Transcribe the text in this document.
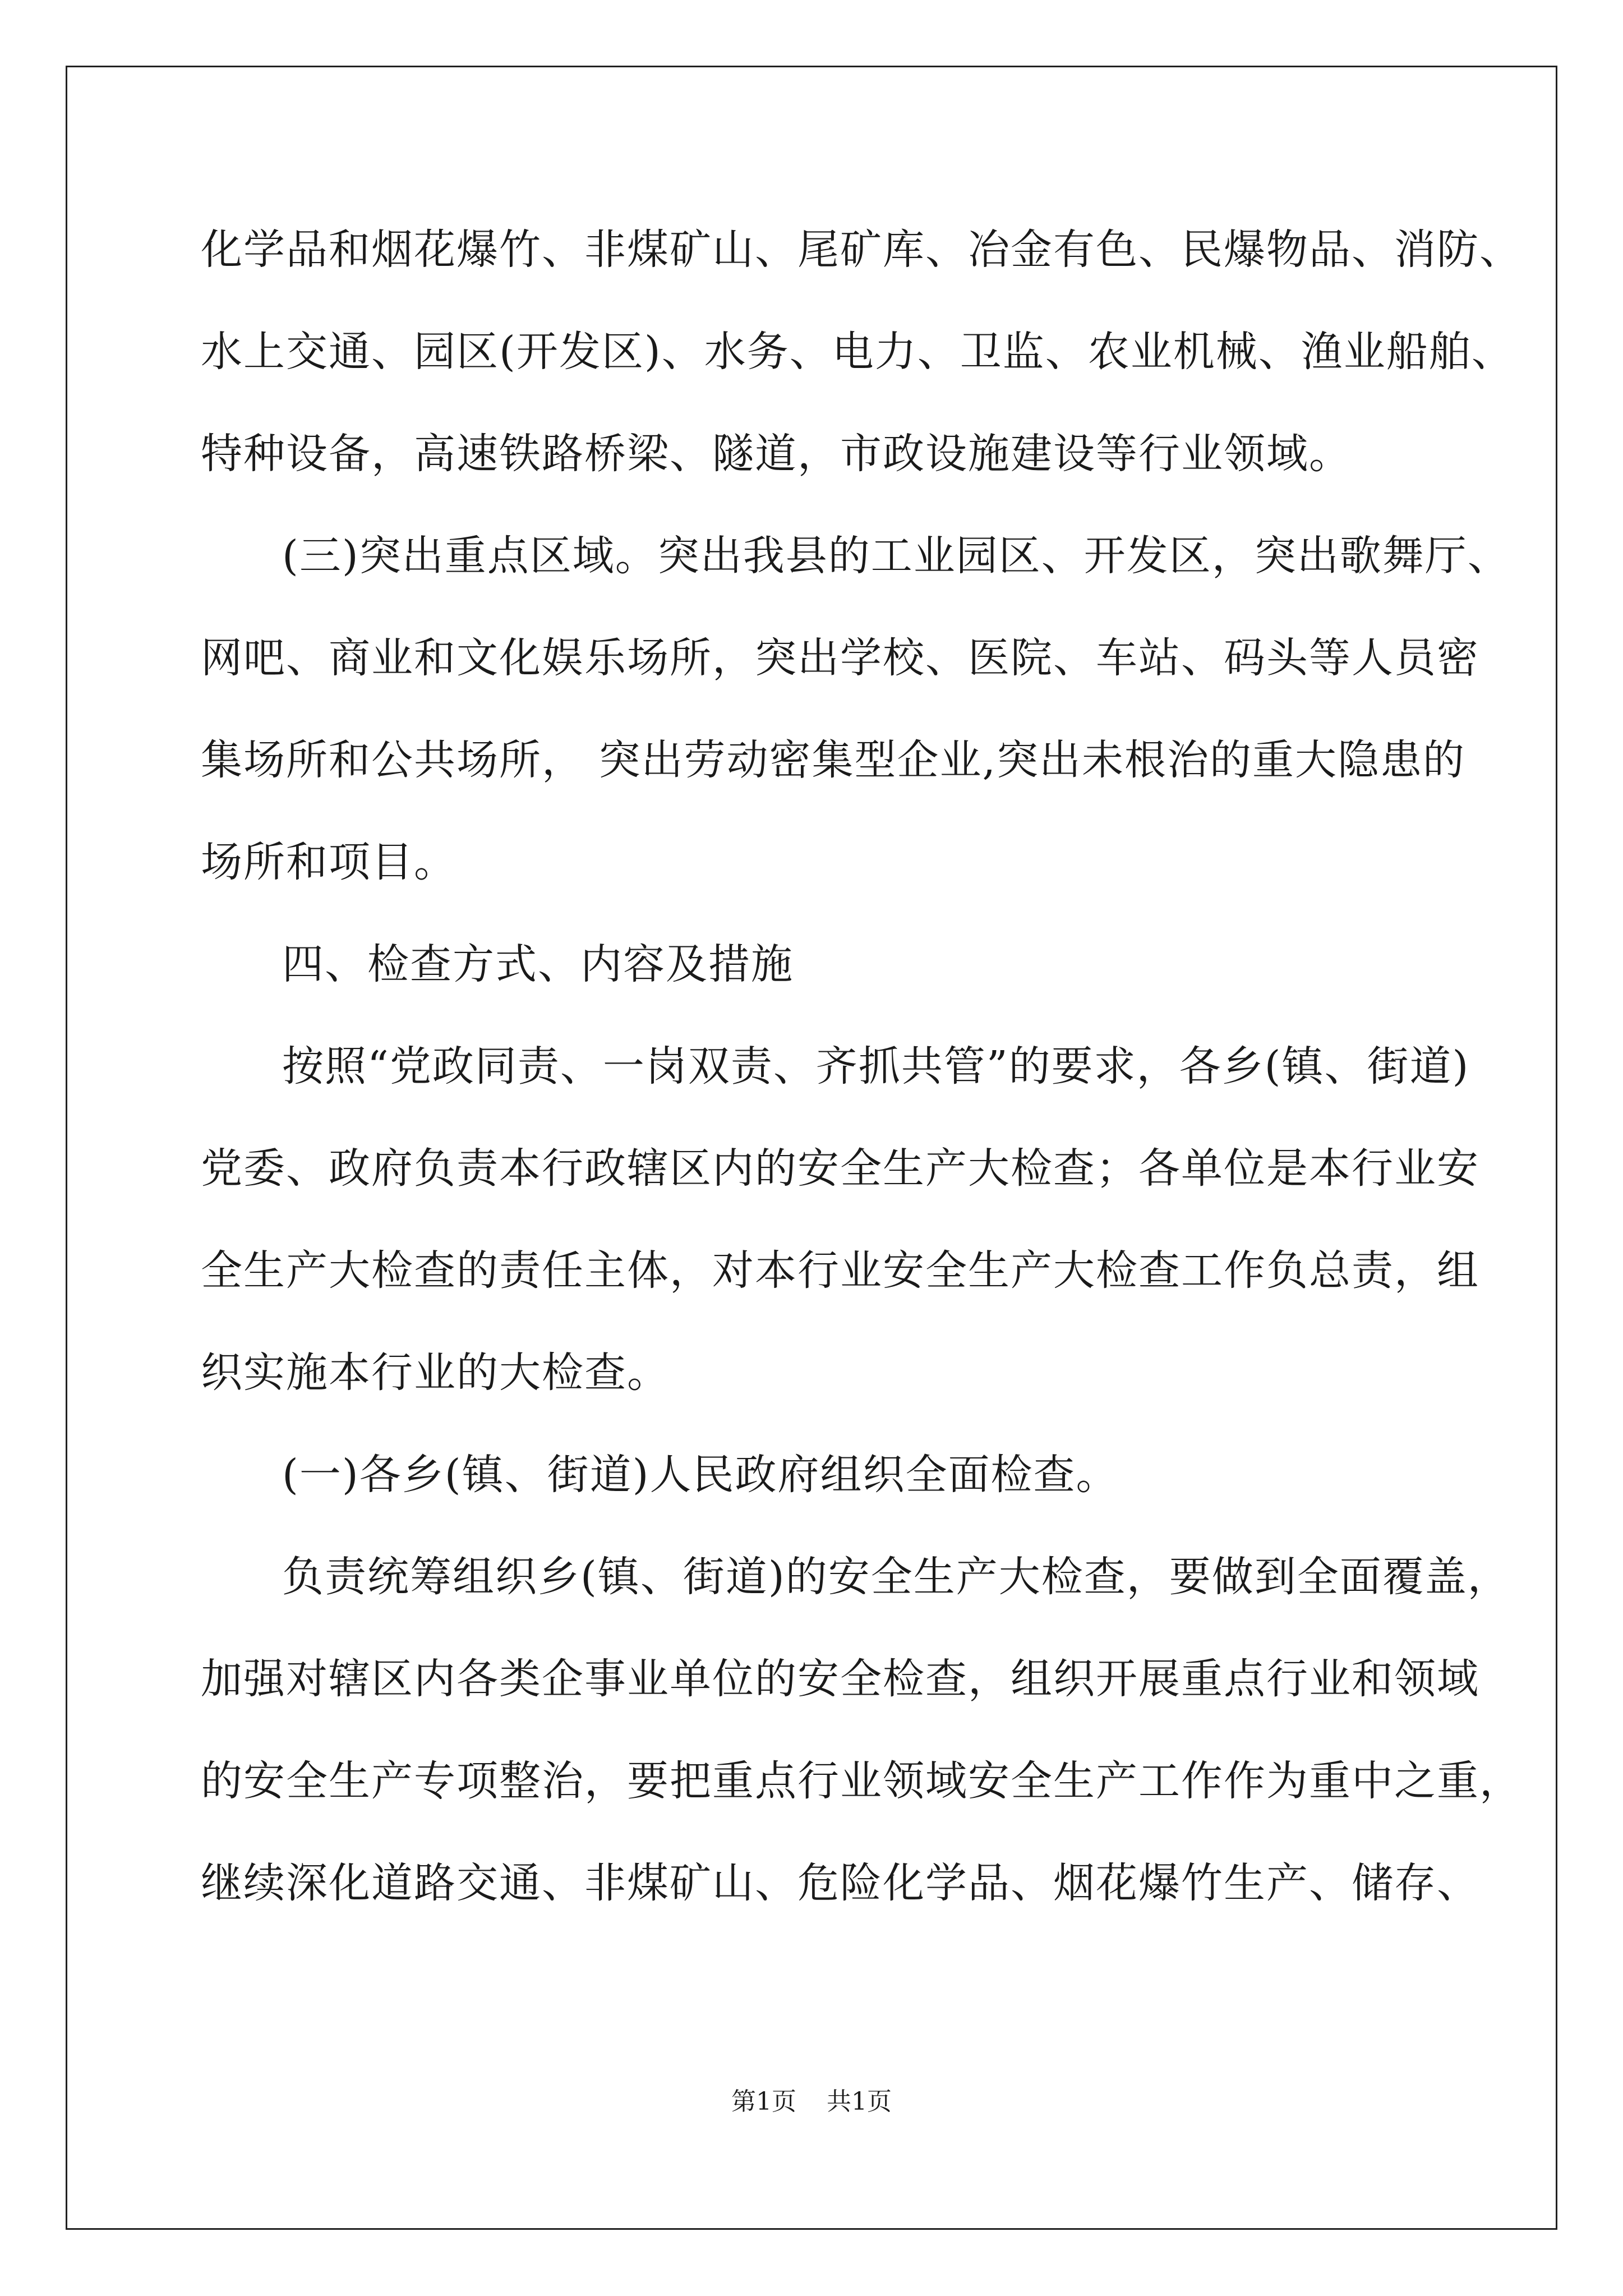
化学品和烟花爆竹、非煤矿山、尾矿库、冶金有色、民爆物品、消防、
水上交通、园区(开发区)、水务、电力、卫监、农业机械、渔业船舶、
特种设备，高速铁路桥梁、隧道，市政设施建设等行业领域。
(三)突出重点区域。突出我县的工业园区、开发区，突出歌舞厅、
网吧、商业和文化娱乐场所，突出学校、医院、车站、码头等人员密
集场所和公共场所， 突出劳动密集型企业,突出未根治的重大隐患的
场所和项目。
四、检查方式、内容及措施
按照“党政同责、一岗双责、齐抓共管”的要求，各乡(镇、街道)
党委、政府负责本行政辖区内的安全生产大检查；各单位是本行业安
全生产大检查的责任主体，对本行业安全生产大检查工作负总责，组
织实施本行业的大检查。
(一)各乡(镇、街道)人民政府组织全面检查。
负责统筹组织乡(镇、街道)的安全生产大检查，要做到全面覆盖，
加强对辖区内各类企事业单位的安全检查，组织开展重点行业和领域
的安全生产专项整治，要把重点行业领域安全生产工作作为重中之重，
继续深化道路交通、非煤矿山、危险化学品、烟花爆竹生产、储存、
第1页 共1页
